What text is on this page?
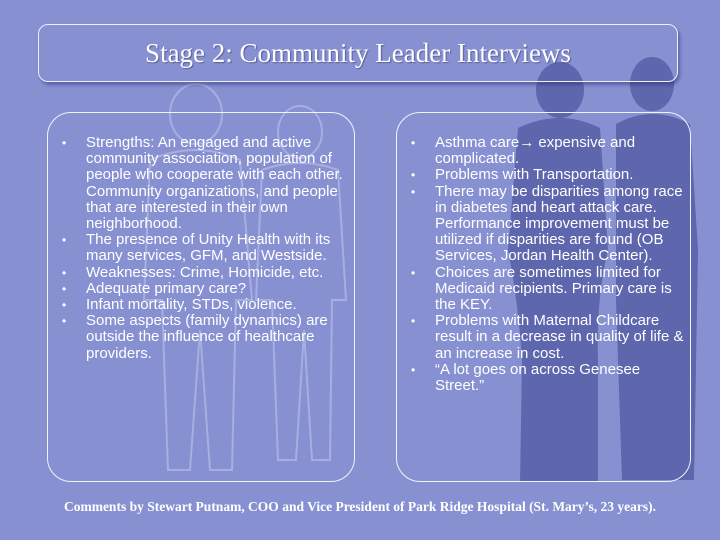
Stage 2: Community Leader Interviews
• Strengths: An engaged and active community association, population of people who cooperate with each other. Community organizations, and people that are interested in their own neighborhood.
• The presence of Unity Health with its many services, GFM, and Westside.
• Weaknesses: Crime, Homicide, etc.
• Adequate primary care?
• Infant mortality, STDs, violence.
• Some aspects (family dynamics) are outside the influence of healthcare providers.
• Asthma care→ expensive and complicated.
• Problems with Transportation.
• There may be disparities among race in diabetes and heart attack care. Performance improvement must be utilized if disparities are found (OB Services, Jordan Health Center).
• Choices are sometimes limited for Medicaid recipients. Primary care is the KEY.
• Problems with Maternal Childcare result in a decrease in quality of life & an increase in cost.
• “A lot goes on across Genesee Street.”
Comments by Stewart Putnam, COO and Vice President of Park Ridge Hospital (St. Mary’s, 23 years).
